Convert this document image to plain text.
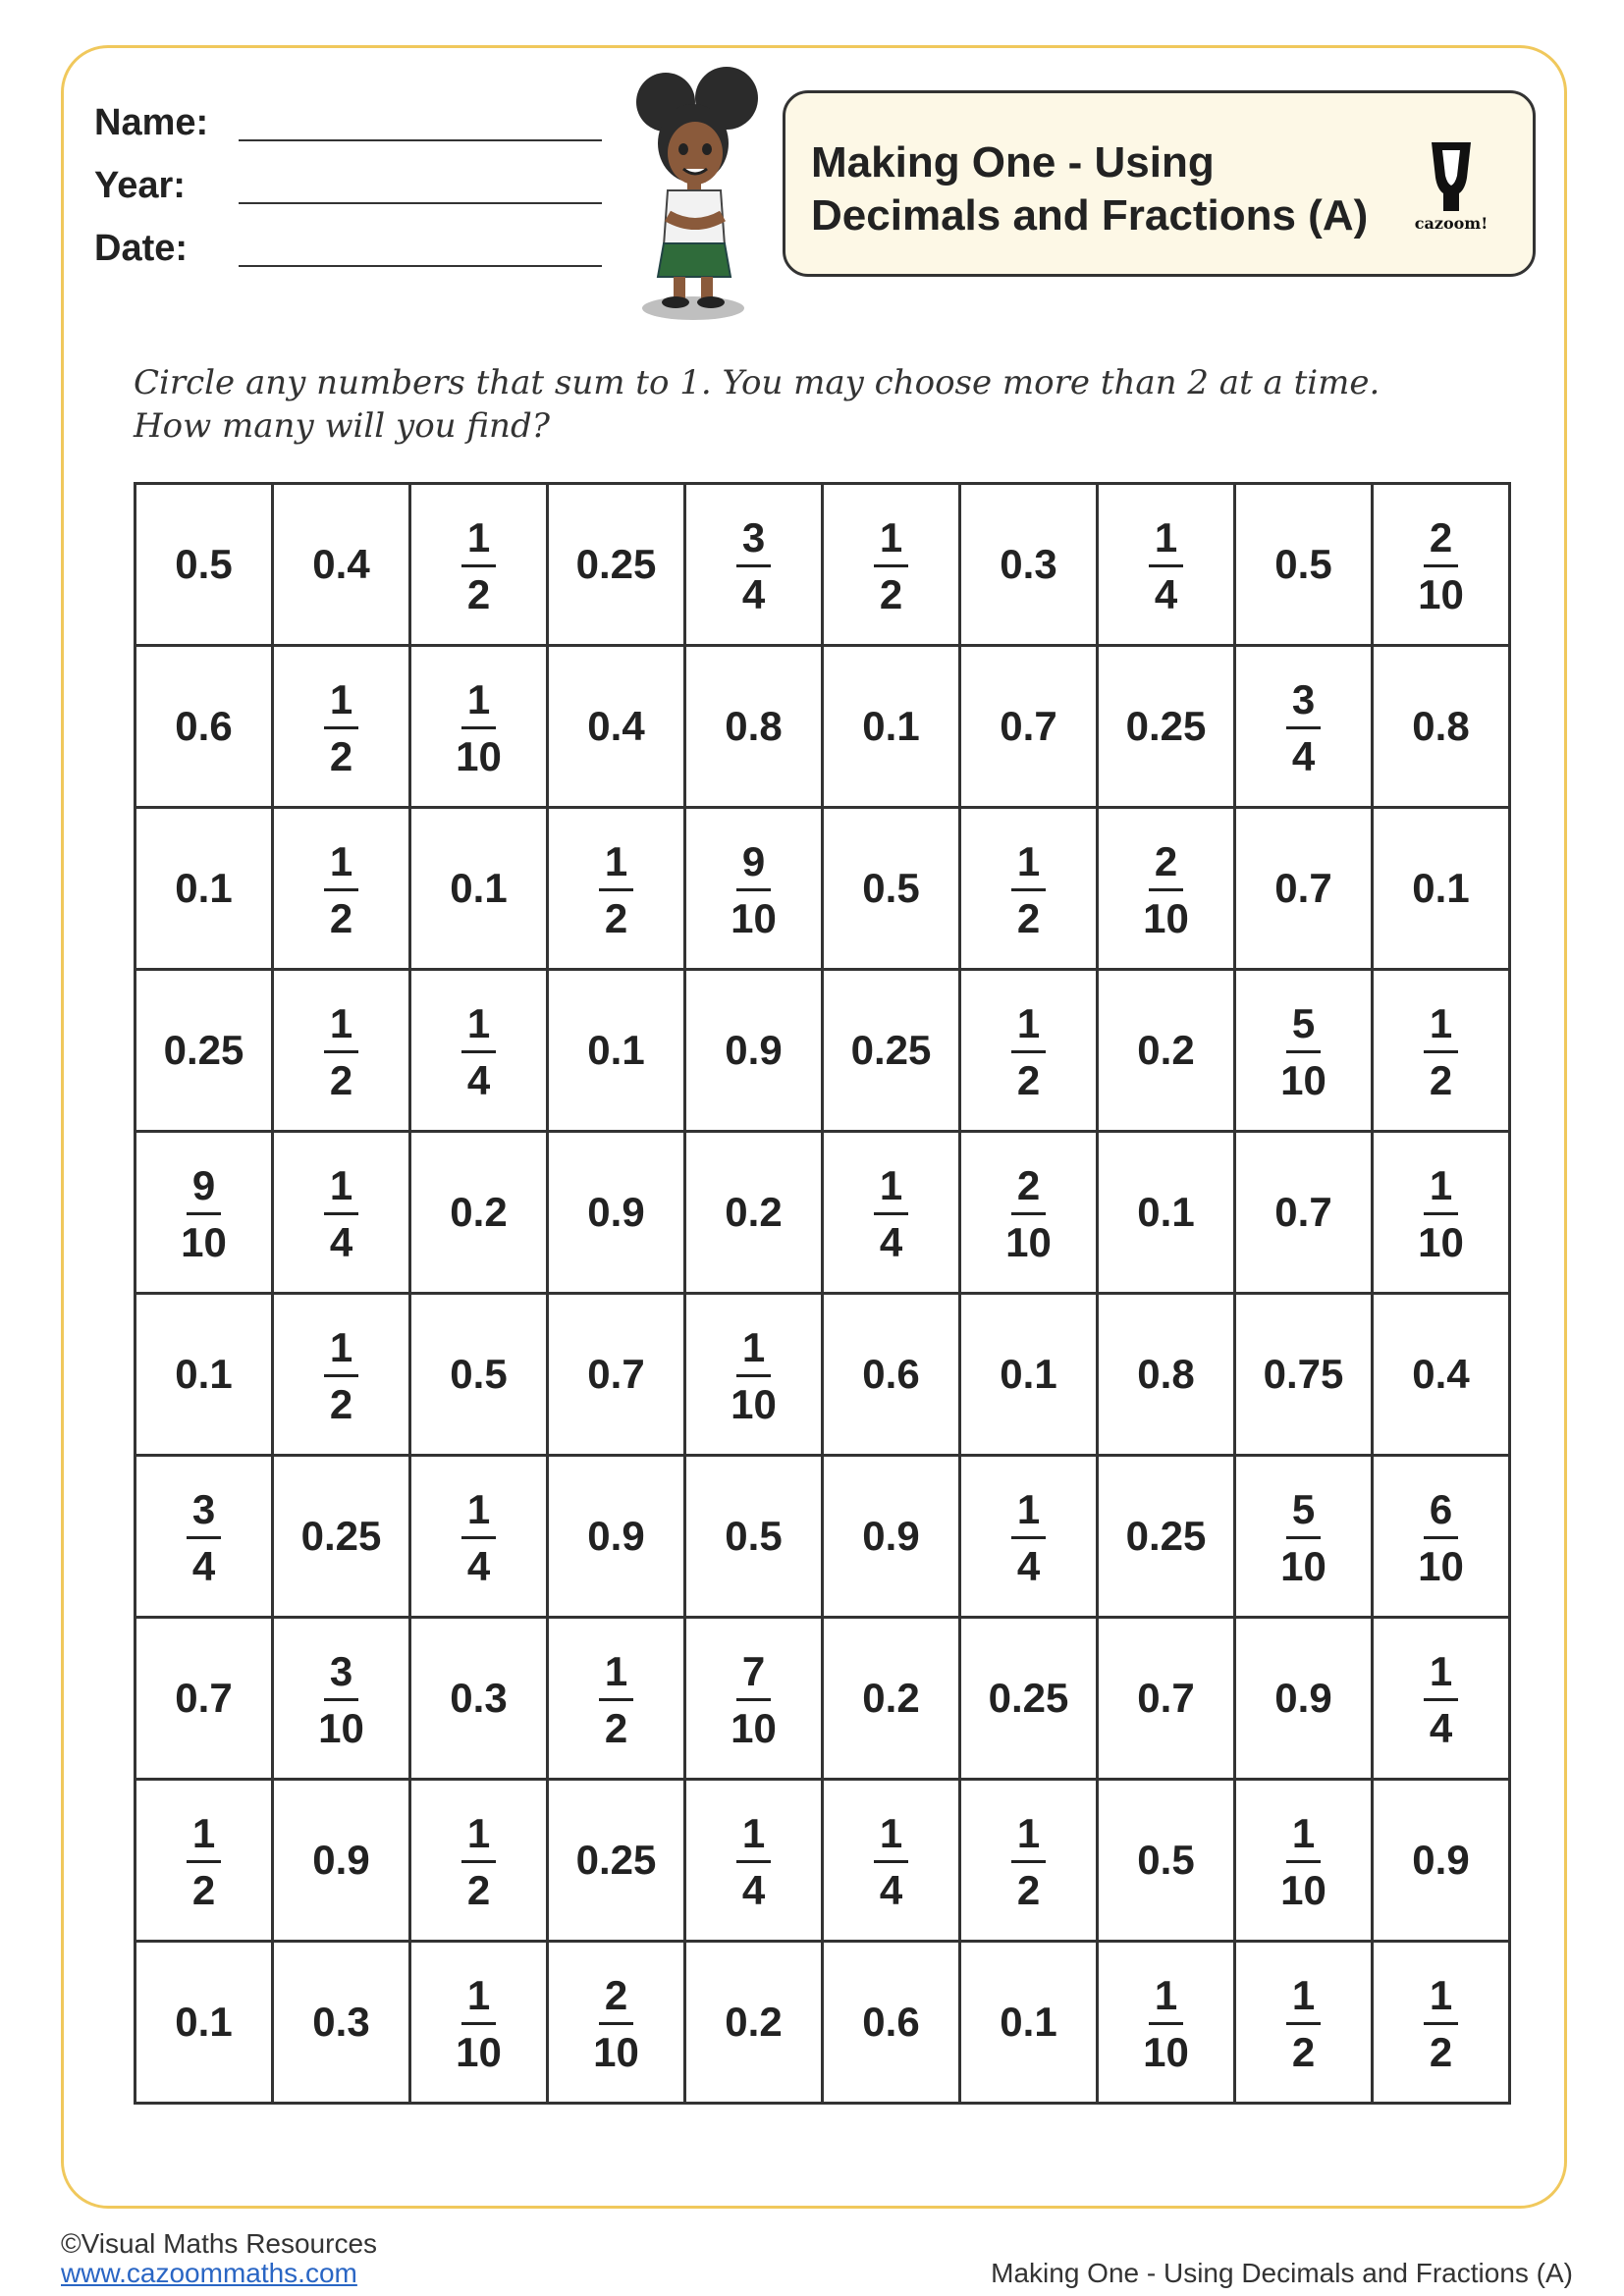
Name:
Year:
Date:
Making One - Using
Decimals and Fractions (A)	cazoom!
Circle any numbers that sum to 1. You may choose more than 2 at a time.
How many will you find?
0.5	0.4	$\frac{1}{2}$	0.25	$\frac{3}{4}$	$\frac{1}{2}$	0.3	$\frac{1}{4}$	0.5	$\frac{2}{10}$

0.6	$\frac{1}{2}$	$\frac{1}{10}$	0.4	0.8	0.1	0.7	0.25	$\frac{3}{4}$	0.8
0.1	$\frac{1}{2}$	0.1	$\frac{1}{2}$	$\frac{9}{10}$	0.5	$\frac{1}{2}$	$\frac{2}{10}$	0.7	0.1
0.25	$\frac{1}{2}$	$\frac{1}{4}$	0.1	0.9	0.25	$\frac{1}{2}$	0.2	$\frac{5}{10}$	$\frac{1}{2}$

$\frac{9}{10}$	$\frac{1}{4}$	0.2	0.9	0.2	$\frac{1}{4}$	$\frac{2}{10}$	0.1	0.7	$\frac{1}{10}$

0.1	$\frac{1}{2}$	0.5	0.7	$\frac{1}{10}$	0.6	0.1	0.8	0.75	0.4

$\frac{3}{4}$	0.25	$\frac{1}{4}$	0.9	0.5	0.9	$\frac{1}{4}$	0.25	$\frac{5}{10}$	$\frac{6}{10}$

0.7	$\frac{3}{10}$	0.3	$\frac{1}{2}$	$\frac{7}{10}$	0.2	0.25	0.7	0.9	$\frac{1}{4}$

$\frac{1}{2}$	0.9	$\frac{1}{2}$	0.25	$\frac{1}{4}$	$\frac{1}{4}$	$\frac{1}{2}$	0.5	$\frac{1}{10}$	0.9
0.1	0.3	$\frac{1}{10}$	$\frac{2}{10}$	0.2	0.6	0.1	$\frac{1}{10}$	$\frac{1}{2}$	$\frac{1}{2}$
©Visual Maths Resources
www.cazoommaths.com	Making One - Using Decimals and Fractions (A)
